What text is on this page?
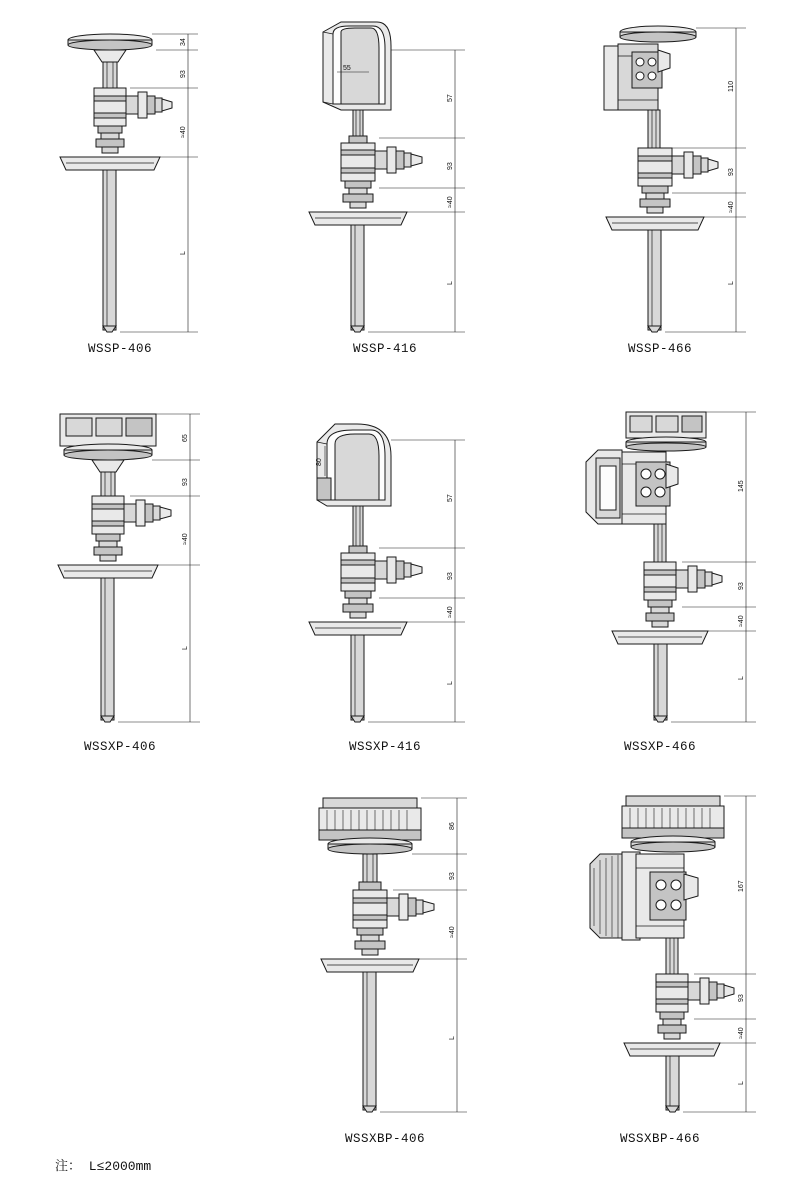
34
93
≈40
L
WSSP-406
55
57
93
≈40
L
WSSP-416
110
93
≈40
L
WSSP-466
65
93
≈40
L
WSSXP-406
80
57
93
≈40
L
WSSXP-416
145
93
≈40
L
WSSXP-466
86
93
≈40
L
WSSXBP-406
167
93
≈40
L
WSSXBP-466
注： L≤2000mm
